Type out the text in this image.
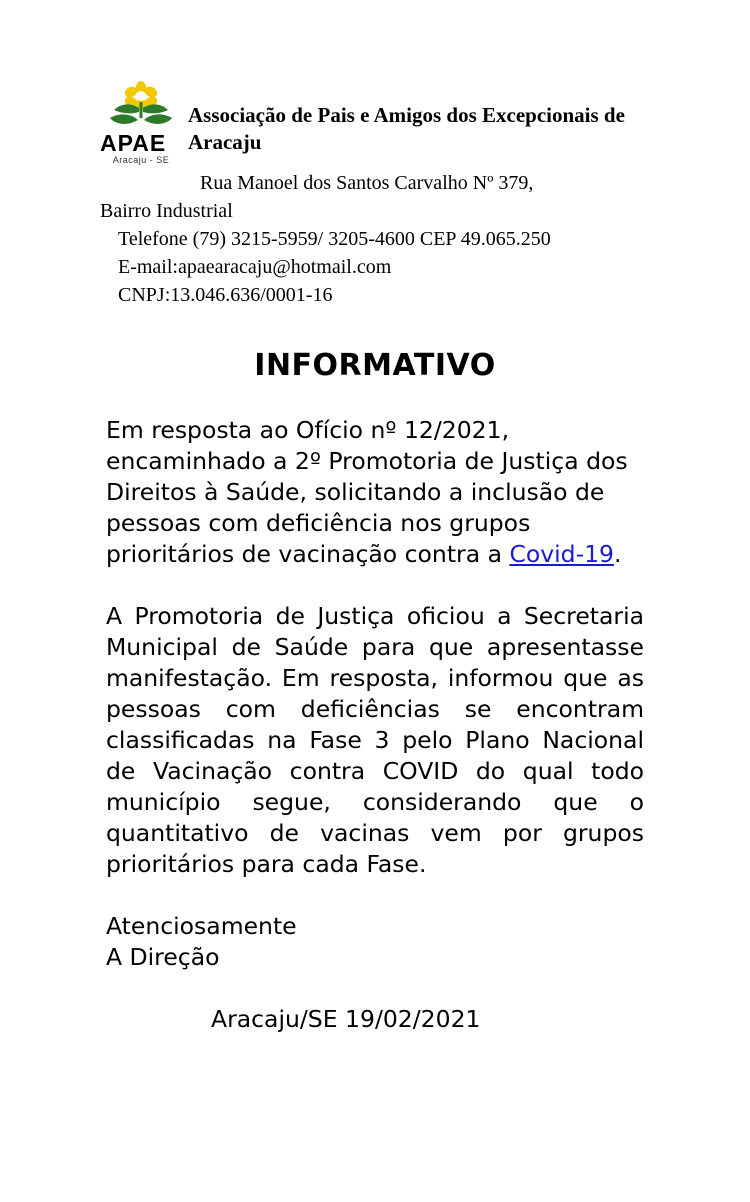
APAE
Aracaju - SE
Associação de Pais e Amigos dos Excepcionais de Aracaju
Rua Manoel dos Santos Carvalho Nº 379,
Bairro Industrial
Telefone (79) 3215-5959/ 3205-4600 CEP 49.065.250
E-mail:apaearacaju@hotmail.com
CNPJ:13.046.636/0001-16
INFORMATIVO

Em resposta ao Ofício nº 12/2021, encaminhado a 2º Promotoria de Justiça dos Direitos à Saúde, solicitando a inclusão de pessoas com deficiência nos grupos prioritários de vacinação contra a Covid-19.

A Promotoria de Justiça oficiou a Secretaria Municipal de Saúde para que apresentasse manifestação. Em resposta, informou que as pessoas com deficiências se encontram classificadas na Fase 3 pelo Plano Nacional de Vacinação contra COVID do qual todo município segue, considerando que o quantitativo de vacinas vem por grupos prioritários para cada Fase.

Atenciosamente

A Direção

Aracaju/SE 19/02/2021
